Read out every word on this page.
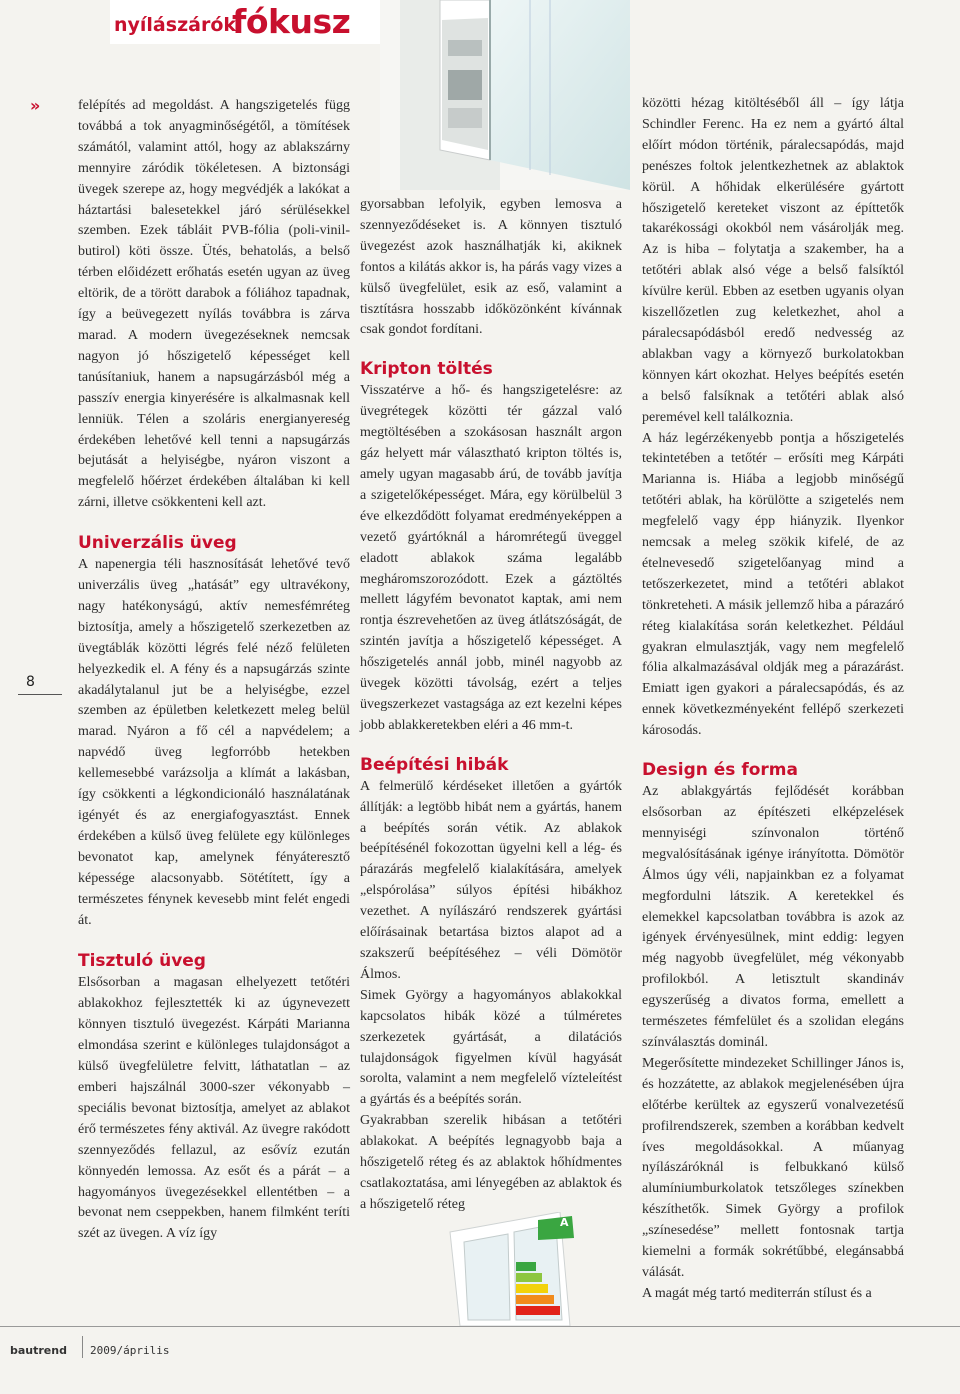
nyílászárók
fókusz
A
»
8

felépítés ad megoldást. A hangszigetelés függ továbbá a tok anyagminőségétől, a tömítések számától, valamint attól, hogy az ablakszárny mennyire záródik tökéletesen. A biztonsági üvegek szerepe az, hogy megvédjék a lakókat a háztartási balesetekkel járó sérülésekkel szemben. Ezek tábláit PVB-fólia (poli-vinil-butirol) köti össze. Ütés, behatolás, a belső térben előidézett erőhatás esetén ugyan az üveg eltörik, de a törött darabok a fóliához tapadnak, így a beüvegezett nyílás továbbra is zárva marad. A modern üvegezéseknek nemcsak nagyon jó hőszigetelő képességet kell tanúsítaniuk, hanem a napsugárzásból még a passzív energia kinyerésére is alkalmasnak kell lenniük. Télen a szoláris energianyereség érdekében lehetővé kell tenni a napsugárzás bejutását a helyiségbe, nyáron viszont a megfelelő hőérzet érdekében általában ki kell zárni, illetve csökkenteni kell azt.

Univerzális üveg

A napenergia téli hasznosítását lehetővé tevő univerzális üveg „hatását” egy ultravékony, nagy hatékonyságú, aktív nemesfémréteg biztosítja, amely a hőszigetelő szerkezetben az üvegtáblák közötti légrés felé néző felületen helyezkedik el. A fény és a napsugárzás szinte akadálytalanul jut be a helyiségbe, ezzel szemben az épületben keletkezett meleg belül marad. Nyáron a fő cél a napvédelem; a napvédő üveg legforróbb hetekben kellemesebbé varázsolja a klímát a lakásban, így csökkenti a légkondicionáló használatának igényét és az energiafogyasztást. Ennek érdekében a külső üveg felülete egy különleges bevonatot kap, amelynek fényáteresztő képessége alacsonyabb. Sötétített, így a természetes fénynek kevesebb mint felét engedi át.

Tisztuló üveg

Elsősorban a magasan elhelyezett tetőtéri ablakokhoz fejlesztették ki az úgynevezett könnyen tisztuló üvegezést. Kárpáti Marianna elmondása szerint e különleges tulajdonságot a külső üvegfelületre felvitt, láthatatlan – az emberi hajszálnál 3000-szer vékonyabb – speciális bevonat biztosítja, amelyet az ablakot érő természetes fény aktivál. Az üvegre rakódott szennyeződés fellazul, az esővíz ezután könnyedén lemossa. Az esőt és a párát – a hagyományos üvegezésekkel ellentétben – a bevonat nem cseppekben, hanem filmként teríti szét az üvegen. A víz így

gyorsabban lefolyik, egyben lemosva a szennyeződéseket is. A könnyen tisztuló üvegezést azok használhatják ki, akiknek fontos a kilátás akkor is, ha párás vagy vizes a külső üvegfelület, esik az eső, valamint a tisztításra hosszabb időközönként kívánnak csak gondot fordítani.

Kripton töltés

Visszatérve a hő- és hangszigetelésre: az üvegrétegek közötti tér gázzal való megtöltésében a szokásosan használt argon gáz helyett már választható kripton töltés is, amely ugyan magasabb árú, de tovább javítja a szigetelőképességet. Mára, egy körülbelül 3 éve elkezdődött folyamat eredményeképpen a vezető gyártóknál a háromrétegű üveggel eladott ablakok száma legalább megháromszorozódott. Ezek a gáztöltés mellett lágyfém bevonatot kaptak, ami nem rontja észrevehetően az üveg átlátszóságát, de szintén javítja a hőszigetelő képességet. A hőszigetelés annál jobb, minél nagyobb az üvegek közötti távolság, ezért a teljes üvegszerkezet vastagsága az ezt kezelni képes jobb ablakkeretekben eléri a 46 mm-t.

Beépítési hibák

A felmerülő kérdéseket illetően a gyártók állítják: a legtöbb hibát nem a gyártás, hanem a beépítés során vétik. Az ablakok beépítésénél fokozottan ügyelni kell a lég- és párazárás megfelelő kialakítására, amelyek „elspórolása” súlyos építési hibákhoz vezethet. A nyílászáró rendszerek gyártási előírásainak betartása biztos alapot ad a szakszerű beépítéséhez – véli Dömötör Álmos.

Simek György a hagyományos ablakokkal kapcsolatos hibák közé a túlméretes szerkezetek gyártását, a dilatációs tulajdonságok figyelmen kívül hagyását sorolta, valamint a nem megfelelő vízteleítést a gyártás és a beépítés során.

Gyakrabban szerelik hibásan a tetőtéri ablakokat. A beépítés legnagyobb baja a hőszigetelő réteg és az ablaktok hőhídmentes csatlakoztatása, ami lényegében az ablaktok és a hőszigetelő réteg

közötti hézag kitöltéséből áll – így látja Schindler Ferenc. Ha ez nem a gyártó által előírt módon történik, páralecsapódás, majd penészes foltok jelentkezhetnek az ablaktok körül. A hőhidak elkerülésére gyártott hőszigetelő kereteket viszont az építtetők takarékossági okokból nem vásárolják meg. Az is hiba – folytatja a szakember, ha a tetőtéri ablak alsó vége a belső falsíktól kívülre kerül. Ebben az esetben ugyanis olyan kiszellőzetlen zug keletkezhet, ahol a páralecsapódásból eredő nedvesség az ablakban vagy a környező burkolatokban könnyen kárt okozhat. Helyes beépítés esetén a belső falsíknak a tetőtéri ablak alsó peremével kell találkoznia.

A ház legérzékenyebb pontja a hőszigetelés tekintetében a tetőtér – erősíti meg Kárpáti Marianna is. Hiába a legjobb minőségű tetőtéri ablak, ha körülötte a szigetelés nem megfelelő vagy épp hiányzik. Ilyenkor nemcsak a meleg szökik kifelé, de az ételnevesedő szigetelőanyag mind a tetőszerkezetet, mind a tetőtéri ablakot tönkreteheti. A másik jellemző hiba a párazáró réteg kialakítása során keletkezhet. Például gyakran elmulasztják, vagy nem megfelelő fólia alkalmazásával oldják meg a párazárást. Emiatt igen gyakori a páralecsapódás, és az ennek következményeként fellépő szerkezeti károsodás.

Design és forma

Az ablakgyártás fejlődését korábban elsősorban az építészeti elképzelések mennyiségi színvonalon történő megvalósításának igénye irányította. Dömötör Álmos úgy véli, napjainkban ez a folyamat megfordulni látszik. A keretekkel és elemekkel kapcsolatban továbbra is azok az igények érvényesülnek, mint eddig: legyen még nagyobb üvegfelület, még vékonyabb profilokból. A letisztult skandináv egyszerűség a divatos forma, emellett a természetes fémfelület és a szolidan elegáns színválasztás dominál.

Megerősítette mindezeket Schillinger János is, és hozzátette, az ablakok megjelenésében újra előtérbe kerültek az egyszerű vonalvezetésű profilrendszerek, szemben a korábban kedvelt íves megoldásokkal. A műanyag nyílászáróknál is felbukkanó külső alumíniumburkolatok tetszőleges színekben készíthetők. Simek György a profilok „színesedése” mellett fontosnak tartja kiemelni a formák sokrétűbbé, elegánsabbá válását.

A magát még tartó mediterrán stílust és a

bautrend 2009/április
